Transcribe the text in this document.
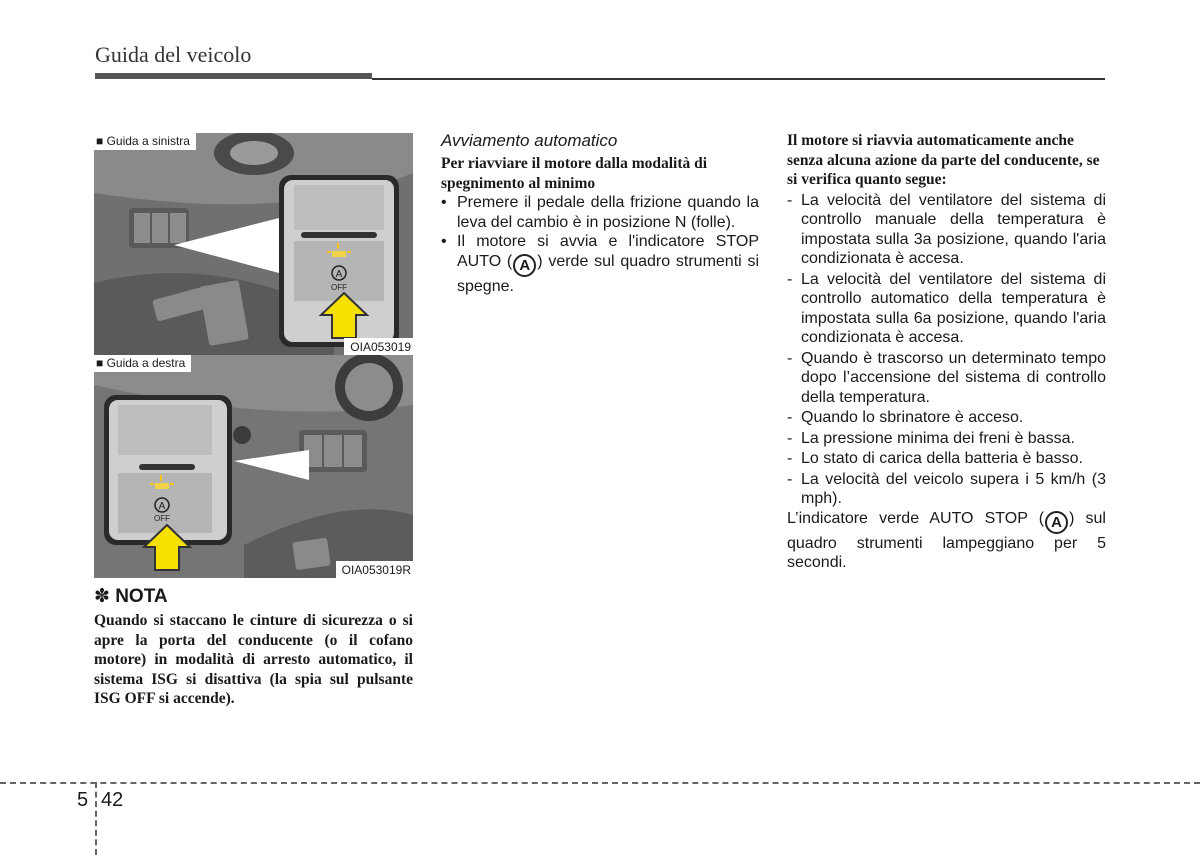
Guida del veicolo
■ Guida a sinistra
A
OFF
OIA053019
■ Guida a destra
A
OFF
OIA053019R
✽ NOTA
Quando si staccano le cinture di sicurezza o si apre la porta del conducente (o il cofano motore) in modalità di arresto automatico, il sistema ISG si disattiva (la spia sul pulsante ISG OFF si accende).
Avviamento automatico
Per riavviare il motore dalla modalità di spegnimento al minimo
• Premere il pedale della frizione quando la leva del cambio è in posizione N (folle).
• Il motore si avvia e l'indicatore STOP AUTO ( A ) verde sul quadro strumenti si spegne.
Il motore si riavvia automaticamente anche senza alcuna azione da parte del conducente, se si verifica quanto segue:
- La velocità del ventilatore del sistema di controllo manuale della temperatura è impostata sulla 3a posizione, quando l'aria condizionata è accesa.
- La velocità del ventilatore del sistema di controllo automatico della temperatura è impostata sulla 6a posizione, quando l'aria condizionata è accesa.
- Quando è trascorso un determinato tempo dopo l’accensione del sistema di controllo della temperatura.
- Quando lo sbrinatore è acceso.
- La pressione minima dei freni è bassa.
- Lo stato di carica della batteria è basso.
- La velocità del veicolo supera i 5 km/h (3 mph).
L’indicatore verde AUTO STOP ( A ) sul quadro strumenti lampeggiano per 5 secondi.
5 42
